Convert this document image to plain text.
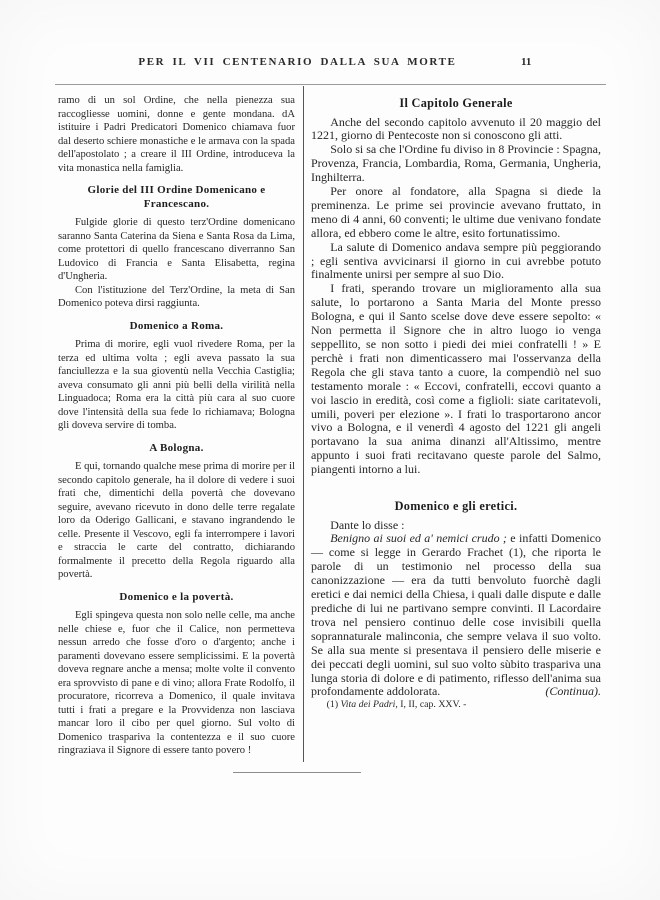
PER IL VII CENTENARIO DALLA SUA MORTE	11

ramo di un sol Ordine, che nella pienezza sua raccogliesse uomini, donne e gente mondana. dA istituire i Padri Predicatori Domenico chiamava fuor dal deserto schiere monastiche e le armava con la spada dell'apostolato ; a creare il III Ordine, introduceva la vita monastica nella famiglia.

Glorie del III Ordine Domenicano e Francescano.

Fulgide glorie di questo terz'Ordine domenicano saranno Santa Caterina da Siena e Santa Rosa da Lima, come protettori di quello francescano diverranno San Ludovico di Francia e Santa Elisabetta, regina d'Ungheria.

Con l'istituzione del Terz'Ordine, la meta di San Domenico poteva dirsi raggiunta.

Domenico a Roma.

Prima di morire, egli vuol rivedere Roma, per la terza ed ultima volta ; egli aveva passato la sua fanciullezza e la sua gioventù nella Vecchia Castiglia; aveva consumato gli anni più belli della virilità nella Linguadoca; Roma era la città più cara al suo cuore dove l'intensità della sua fede lo richiamava; Bologna gli doveva servire di tomba.

A Bologna.

E qui, tornando qualche mese prima di morire per il secondo capitolo generale, ha il dolore di vedere i suoi frati che, dimentichi della povertà che dovevano seguire, avevano ricevuto in dono delle terre regalate loro da Oderigo Gallicani, e stavano ingrandendo le celle. Presente il Vescovo, egli fa interrompere i lavori e straccia le carte del contratto, dichiarando formalmente il precetto della Regola riguardo alla povertà.

Domenico e la povertà.

Egli spingeva questa non solo nelle celle, ma anche nelle chiese e, fuor che il Calice, non permetteva nessun arredo che fosse d'oro o d'argento; anche i paramenti dovevano essere semplicissimi. E la povertà doveva regnare anche a mensa; molte volte il convento era sprovvisto di pane e di vino; allora Frate Rodolfo, il procuratore, ricorreva a Domenico, il quale invitava tutti i frati a pregare e la Provvidenza non lasciava mancar loro il cibo per quel giorno. Sul volto di Domenico traspariva la contentezza e il suo cuore ringraziava il Signore di essere tanto povero !

Il Capitolo Generale

Anche del secondo capitolo avvenuto il 20 maggio del 1221, giorno di Pentecoste non si conoscono gli atti.

Solo si sa che l'Ordine fu diviso in 8 Provincie : Spagna, Provenza, Francia, Lombardia, Roma, Germania, Ungheria, Inghilterra.

Per onore al fondatore, alla Spagna si diede la preminenza. Le prime sei provincie avevano fruttato, in meno di 4 anni, 60 conventi; le ultime due venivano fondate allora, ed ebbero come le altre, esito fortunatissimo.

La salute di Domenico andava sempre più peggiorando ; egli sentiva avvicinarsi il giorno in cui avrebbe potuto finalmente unirsi per sempre al suo Dio.

I frati, sperando trovare un miglioramento alla sua salute, lo portarono a Santa Maria del Monte presso Bologna, e qui il Santo scelse dove deve essere sepolto: « Non permetta il Signore che in altro luogo io venga seppellito, se non sotto i piedi dei miei confratelli ! » E perchè i frati non dimenticassero mai l'osservanza della Regola che gli stava tanto a cuore, la compendiò nel suo testamento morale : « Eccovi, confratelli, eccovi quanto a voi lascio in eredità, così come a figlioli: siate caritatevoli, umili, poveri per elezione ». I frati lo trasportarono ancor vivo a Bologna, e il venerdì 4 agosto del 1221 gli angeli portavano la sua anima dinanzi all'Altissimo, mentre appunto i suoi frati recitavano queste parole del Salmo, piangenti intorno a lui.

Domenico e gli eretici.

Dante lo disse :

Benigno ai suoi ed a' nemici crudo ; e infatti Domenico — come si legge in Gerardo Frachet (1), che riporta le parole di un testimonio nel processo della sua canonizzazione — era da tutti benvoluto fuorchè dagli eretici e dai nemici della Chiesa, i quali dalle dispute e dalle prediche di lui ne partivano sempre convinti. Il Lacordaire trova nel pensiero continuo delle cose invisibili quella soprannaturale malinconia, che sempre velava il suo volto. Se alla sua mente si presentava il pensiero delle miserie e dei peccati degli uomini, sul suo volto sùbito traspariva una lunga storia di dolore e di patimento, riflesso dell'anima sua profondamente addolorata.	(Continua).

(1) Vita dei Padri, I, II, cap. XXV. -
